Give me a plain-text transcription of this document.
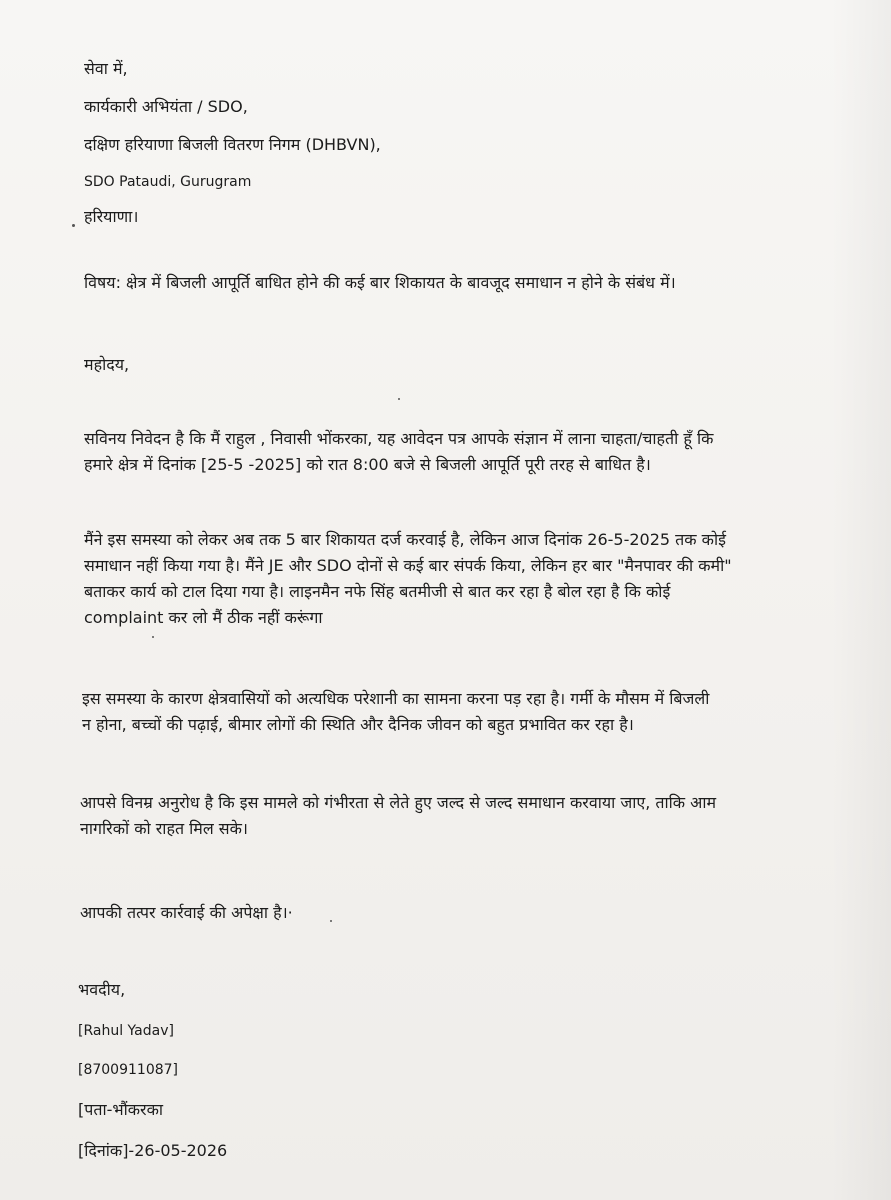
सेवा में,
कार्यकारी अभियंता / SDO,
दक्षिण हरियाणा बिजली वितरण निगम (DHBVN),
SDO Pataudi, Gurugram
हरियाणा।
विषय: क्षेत्र में बिजली आपूर्ति बाधित होने की कई बार शिकायत के बावजूद समाधान न होने के संबंध में।
महोदय,
सविनय निवेदन है कि मैं राहुल , निवासी भोंकरका, यह आवेदन पत्र आपके संज्ञान में लाना चाहता/चाहती हूँ कि
हमारे क्षेत्र में दिनांक [25-5 -2025] को रात 8:00 बजे से बिजली आपूर्ति पूरी तरह से बाधित है।
मैंने इस समस्या को लेकर अब तक 5 बार शिकायत दर्ज करवाई है, लेकिन आज दिनांक 26-5-2025 तक कोई
समाधान नहीं किया गया है। मैंने JE और SDO दोनों से कई बार संपर्क किया, लेकिन हर बार "मैनपावर की कमी"
बताकर कार्य को टाल दिया गया है। लाइनमैन नफे सिंह बतमीजी से बात कर रहा है बोल रहा है कि कोई
complaint कर लो मैं ठीक नहीं करूंगा
इस समस्या के कारण क्षेत्रवासियों को अत्यधिक परेशानी का सामना करना पड़ रहा है। गर्मी के मौसम में बिजली
न होना, बच्चों की पढ़ाई, बीमार लोगों की स्थिति और दैनिक जीवन को बहुत प्रभावित कर रहा है।
आपसे विनम्र अनुरोध है कि इस मामले को गंभीरता से लेते हुए जल्द से जल्द समाधान करवाया जाए, ताकि आम
नागरिकों को राहत मिल सके।
आपकी तत्पर कार्रवाई की अपेक्षा है।·
भवदीय,
[Rahul Yadav]
[8700911087]
[पता-भौंकरका
[दिनांक]-26-05-2026
